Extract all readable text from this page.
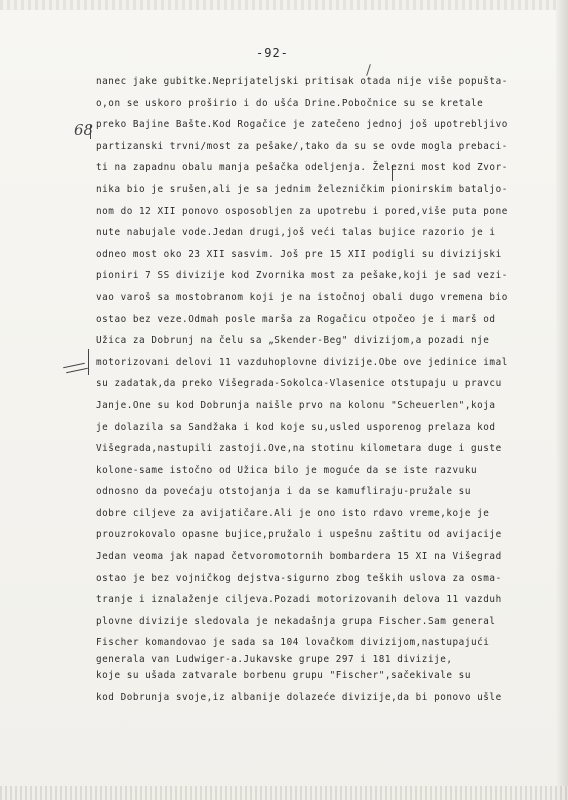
-92-
68
nanec jake gubitke.Neprijateljski pritisak otada nije više popušta-
o,on se uskoro proširio i do ušća Drine.Pobočnice su se kretale
preko Bajine Bašte.Kod Rogačice je zatečeno jednoj još upotrebljivo
partizanski trvni/most za pešake/,tako da su se ovde mogla prebaci-
ti na zapadnu obalu manja pešačka odeljenja. Železni most kod Zvor-
nika bio je srušen,ali je sa jednim železničkim pionirskim bataljo-
nom do 12 XII ponovo osposobljen za upotrebu i pored,više puta pone
nute nabujale vode.Jedan drugi,još veći talas bujice razorio je i
odneo most oko 23 XII sasvim. Još pre 15 XII podigli su divizijski
pioniri 7 SS divizije kod Zvornika most za pešake,koji je sad vezi-
vao varoš sa mostobranom koji je na istočnoj obali dugo vremena bio
ostao bez veze.Odmah posle marša za Rogačicu otpočeo je i marš od
Užica za Dobrunj na čelu sa „Skender-Beg" divizijom,a pozadi nje
motorizovani delovi 11 vazduhoplovne divizije.Obe ove jedinice imal
su zadatak,da preko Višegrada-Sokolca-Vlasenice otstupaju u pravcu
Janje.One su kod Dobrunja naišle prvo na kolonu "Scheuerlen",koja
je dolazila sa Sandžaka i kod koje su,usled usporenog prelaza kod
Višegrada,nastupili zastoji.Ove,na stotinu kilometara duge i guste
kolone-same istočno od Užica bilo je moguće da se iste razvuku
odnosno da povećaju otstojanja i da se kamufliraju-pružale su
dobre ciljeve za avijatičare.Ali je ono isto rdavo vreme,koje je
prouzrokovalo opasne bujice,pružalo i uspešnu zaštitu od avijacije
Jedan veoma jak napad četvoromotornih bombardera 15 XI na Višegrad
ostao je bez vojničkog dejstva-sigurno zbog teških uslova za osma-
tranje i iznalaženje ciljeva.Pozadi motorizovanih delova 11 vazduh
plovne divizije sledovala je nekadašnja grupa Fischer.Sam general
Fischer komandovao je sada sa 104 lovačkom divizijom,nastupajući
generala van Ludwiger-a.Jukavske grupe 297 i 181 divizije,
koje su ušada zatvarale borbenu grupu "Fischer",sačekivale su
kod Dobrunja svoje,iz albanije dolazeće divizije,da bi ponovo ušle
